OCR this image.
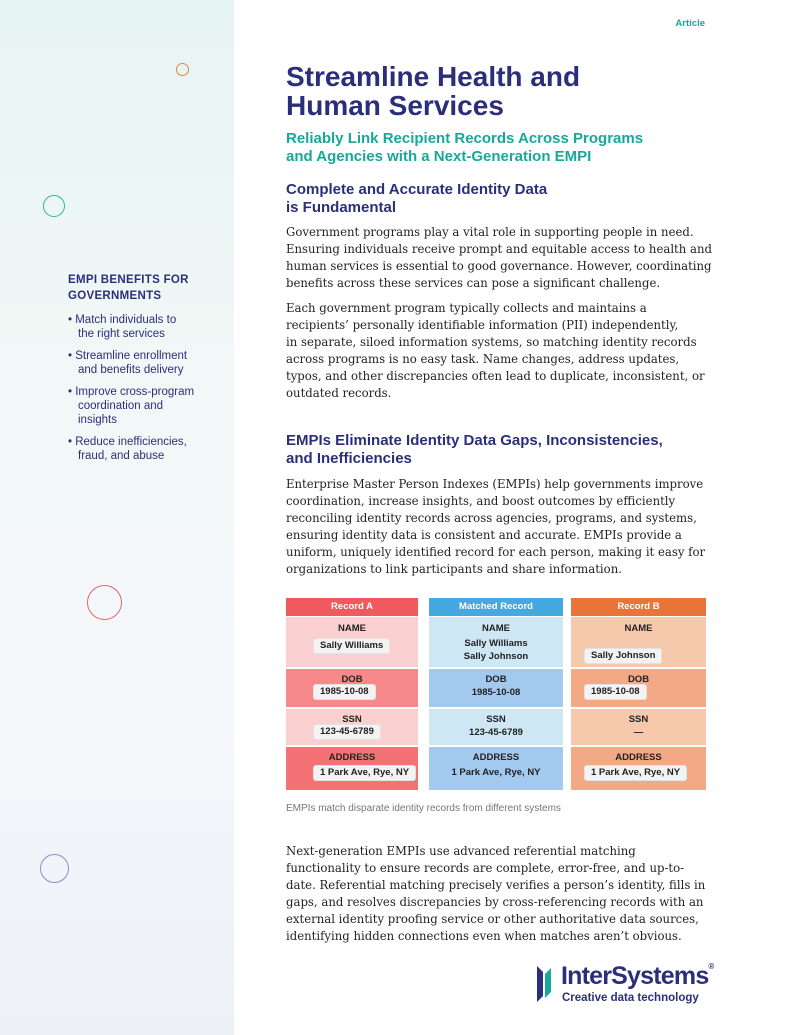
EMPI BENEFITS FOR
GOVERNMENTS
• Match individuals to
the right services
• Streamline enrollment
and benefits delivery
• Improve cross-program
coordination and
insights
• Reduce inefficiencies,
fraud, and abuse
Article
Streamline Health and
Human Services

Reliably Link Recipient Records Across Programs
and Agencies with a Next-Generation EMPI

Complete and Accurate Identity Data
is Fundamental

Government programs play a vital role in supporting people in need.
Ensuring individuals receive prompt and equitable access to health and
human services is essential to good governance. However, coordinating
benefits across these services can pose a significant challenge.

Each government program typically collects and maintains a
recipients’ personally identifiable information (PII) independently,
in separate, siloed information systems, so matching identity records
across programs is no easy task. Name changes, address updates,
typos, and other discrepancies often lead to duplicate, inconsistent, or
outdated records.

EMPIs Eliminate Identity Data Gaps, Inconsistencies,
and Inefficiencies

Enterprise Master Person Indexes (EMPIs) help governments improve
coordination, increase insights, and boost outcomes by efficiently
reconciling identity records across agencies, programs, and systems,
ensuring identity data is consistent and accurate. EMPIs provide a
uniform, uniquely identified record for each person, making it easy for
organizations to link participants and share information.

Record A
NAME
Sally Williams
DOB
1985-10-08
SSN
123-45-6789
ADDRESS
1 Park Ave, Rye, NY
Matched Record
NAME
Sally Williams
Sally Johnson
DOB
1985-10-08
SSN
123-45-6789
ADDRESS
1 Park Ave, Rye, NY
Record B
NAME
Sally Johnson
DOB
1985-10-08
SSN
—
ADDRESS
1 Park Ave, Rye, NY
EMPIs match disparate identity records from different systems

Next-generation EMPIs use advanced referential matching
functionality to ensure records are complete, error-free, and up-to-
date. Referential matching precisely verifies a person’s identity, fills in
gaps, and resolves discrepancies by cross-referencing records with an
external identity proofing service or other authoritative data sources,
identifying hidden connections even when matches aren’t obvious.

InterSystems®
Creative data technology
